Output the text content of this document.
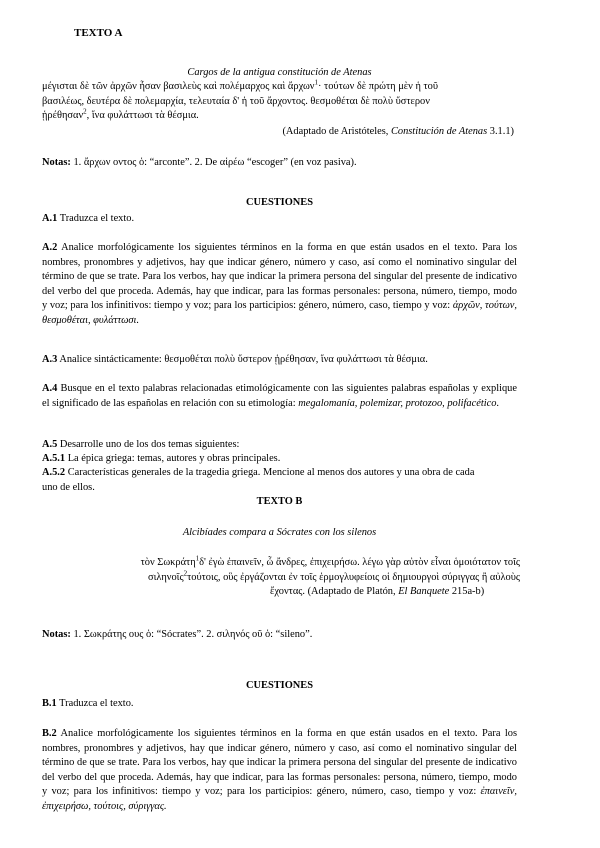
TEXTO A
Cargos de la antigua constitución de Atenas
μέγισται δὲ τῶν ἀρχῶν ἦσαν βασιλεὺς καὶ πολέμαρχος καὶ ἄρχων$^1$· τούτων δὲ πρώτη μὲν ἡ τοῦ
βασιλέως, δευτέρα δὲ πολεμαρχία, τελευταία δ' ἡ τοῦ ἄρχοντος. θεσμοθέται δὲ πολὺ ὕστερον
ᾑρέθησαν$^2$, ἵνα φυλάττωσι τὰ θέσμια.
(Adaptado de Aristóteles, Constitución de Atenas 3.1.1)
Notas: 1. ἄρχων οντος ὁ: “arconte”. 2. De αἱρέω “escoger” (en voz pasiva).
CUESTIONES
A.1 Traduzca el texto.
A.2 Analice morfológicamente los siguientes términos en la forma en que están usados en el texto. Para los nombres, pronombres y adjetivos, hay que indicar género, número y caso, así como el nominativo singular del término de que se trate. Para los verbos, hay que indicar la primera persona del singular del presente de indicativo del verbo del que proceda. Además, hay que indicar, para las formas personales: persona, número, tiempo, modo y voz; para los infinitivos: tiempo y voz; para los participios: género, número, caso, tiempo y voz: ἀρχῶν, τούτων, θεσμοθέται, φυλάττωσι.
A.3 Analice sintácticamente: θεσμοθέται πολὺ ὕστερον ᾑρέθησαν, ἵνα φυλάττωσι τὰ θέσμια.
A.4 Busque en el texto palabras relacionadas etimológicamente con las siguientes palabras españolas y explique el significado de las españolas en relación con su etimología: megalomanía, polemizar, protozoo, polifacético.
A.5 Desarrolle uno de los dos temas siguientes:
A.5.1 La épica griega: temas, autores y obras principales.
A.5.2 Características generales de la tragedia griega. Mencione al menos dos autores y una obra de cada uno de ellos.
TEXTO B
Alcibíades compara a Sócrates con los silenos
τὸν Σωκράτη$^1$δ' ἐγὼ ἐπαινεῖν, ὦ ἄνδρες, ἐπιχειρήσω. λέγω γὰρ αὐτὸν εἶναι ὁμοιότατον τοῖς
σιληνοῖς$^2$τούτοις, οὓς ἐργάζονται ἐν τοῖς ἑρμογλυφείοις οἱ δημιουργοὶ σύριγγας ἢ αὐλοὺς
ἔχοντας. (Adaptado de Platón, El Banquete 215a-b)
Notas: 1. Σωκράτης ους ὁ: “Sócrates”. 2. σιληνός οῦ ὁ: “sileno”.
CUESTIONES
B.1 Traduzca el texto.
B.2 Analice morfológicamente los siguientes términos en la forma en que están usados en el texto. Para los nombres, pronombres y adjetivos, hay que indicar género, número y caso, así como el nominativo singular del término de que se trate. Para los verbos, hay que indicar la primera persona del singular del presente de indicativo del verbo del que proceda. Además, hay que indicar, para las formas personales: persona, número, tiempo, modo y voz; para los infinitivos: tiempo y voz; para los participios: género, número, caso, tiempo y voz: ἐπαινεῖν, ἐπιχειρήσω, τούτοις, σύριγγας.
